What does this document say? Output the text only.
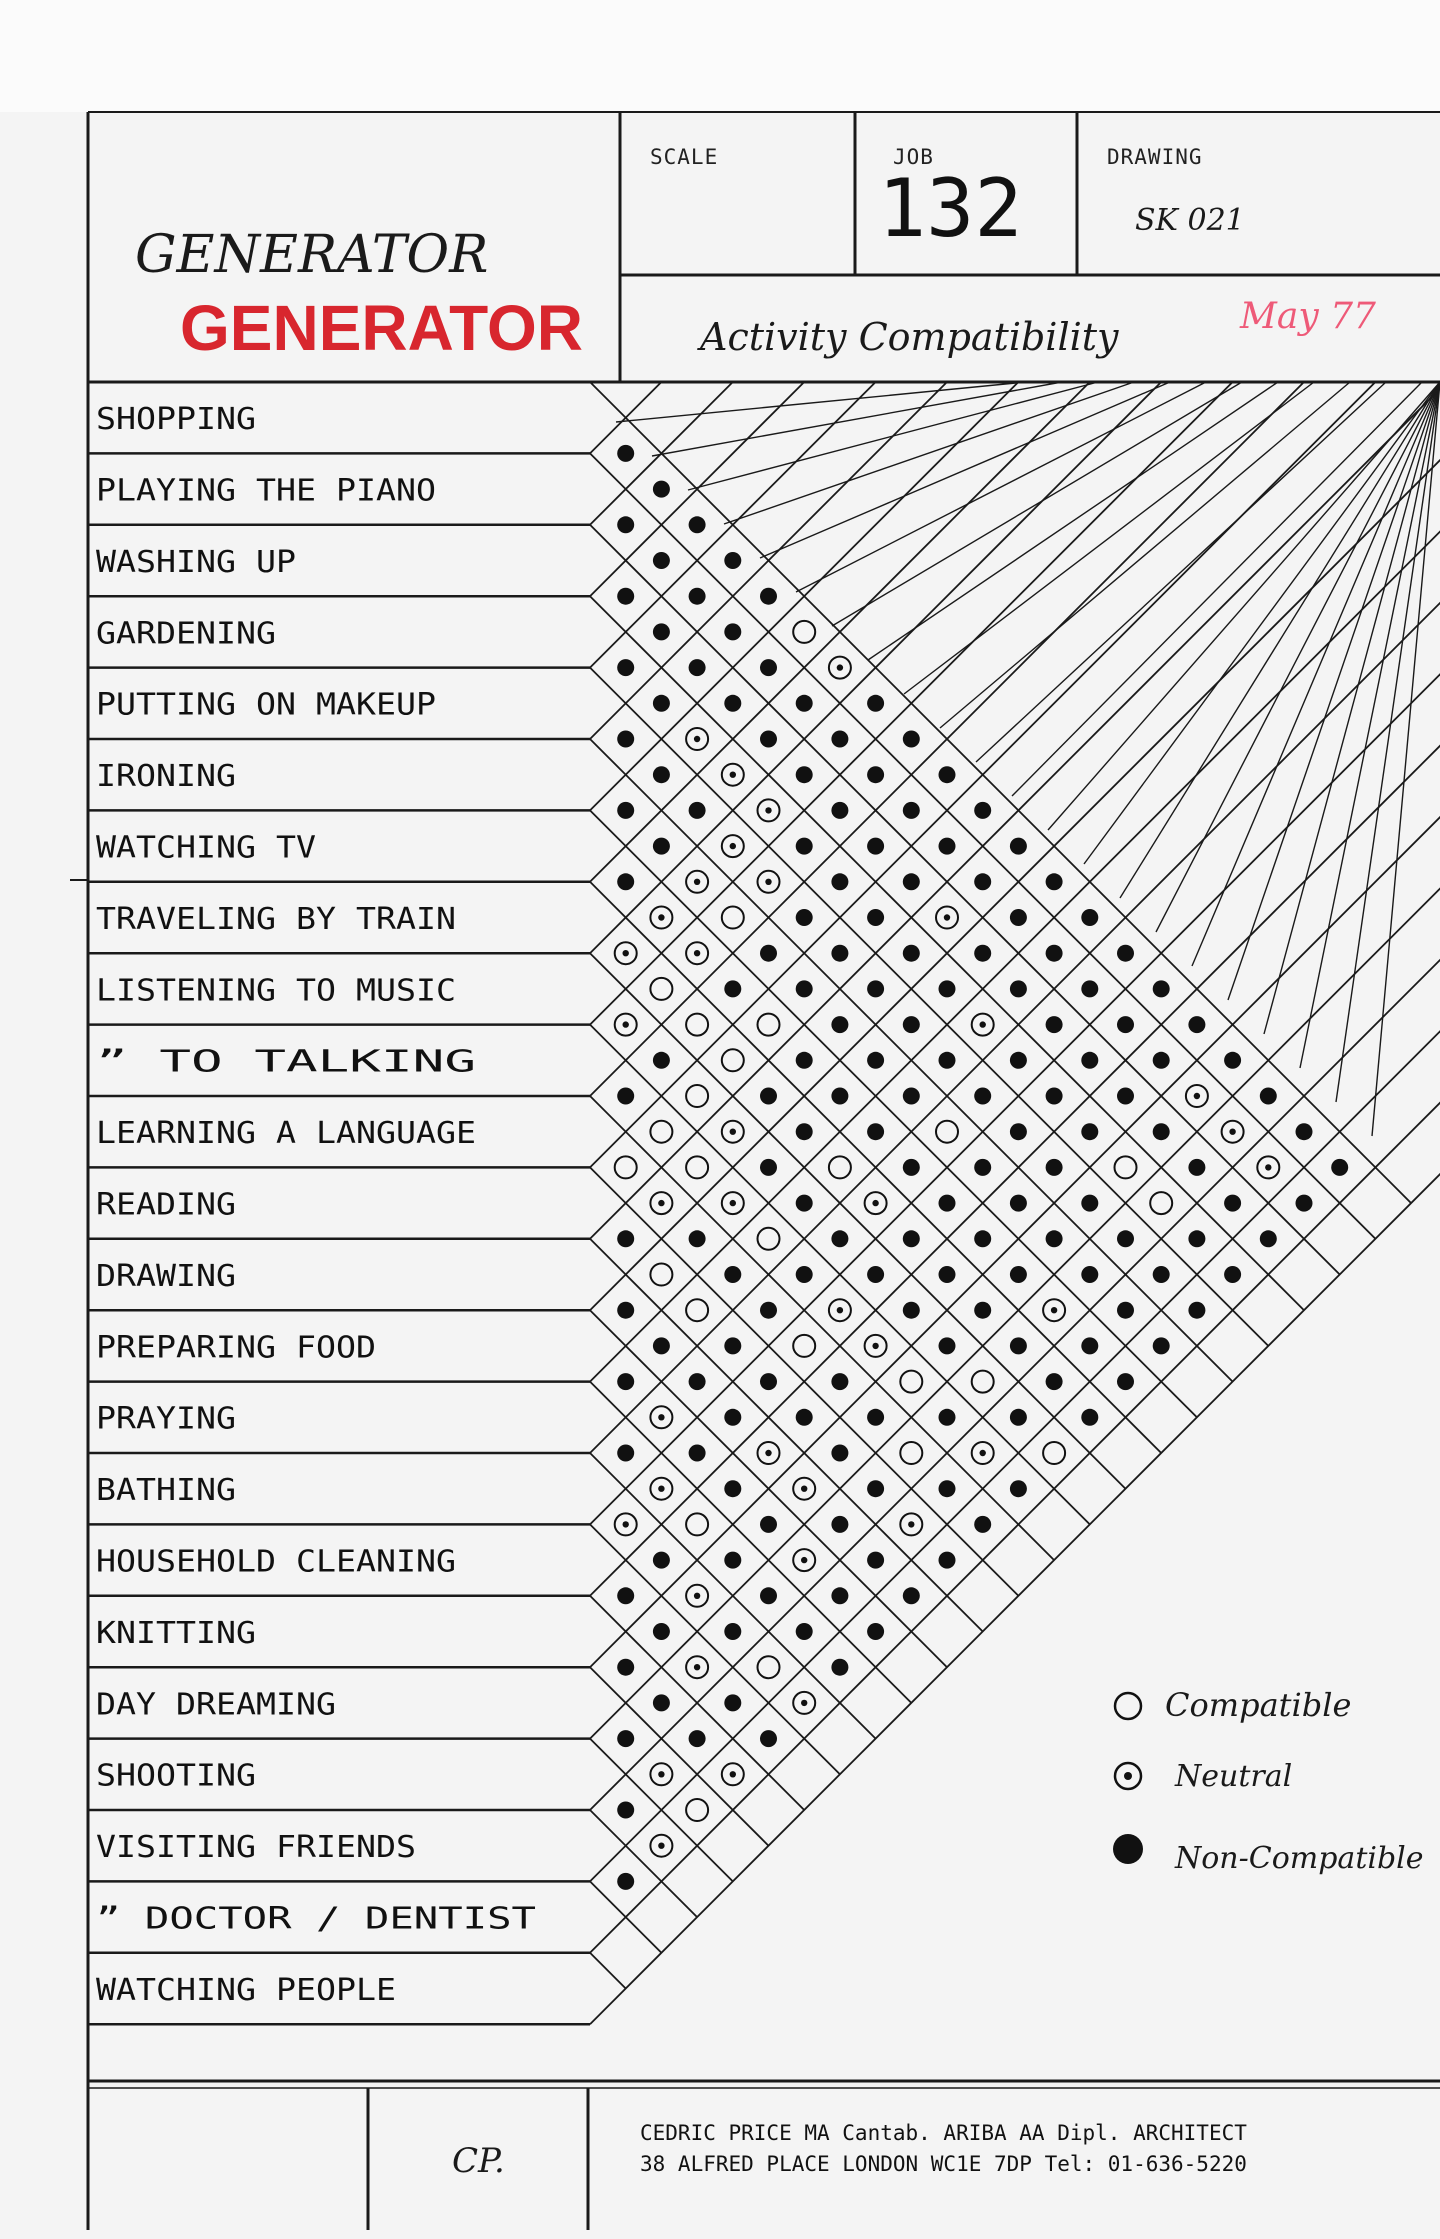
GENERATOR
GENERATOR
SCALE	JOB
132
DRAWING
SK 021
Activity Compatibility	May 77
SHOPPING
PLAYING THE PIANO
WASHING UP
GARDENING
PUTTING ON MAKEUP
IRONING
WATCHING TV
TRAVELING BY TRAIN
LISTENING TO MUSIC
” TO TALKING
LEARNING A LANGUAGE
READING
DRAWING
PREPARING FOOD
PRAYING
BATHING
HOUSEHOLD CLEANING
KNITTING
DAY DREAMING
SHOOTING
VISITING FRIENDS
” DOCTOR / DENTIST
WATCHING PEOPLE
Compatible
Neutral
Non-Compatible
CP.
CEDRIC PRICE MA Cantab. ARIBA AA Dipl. ARCHITECT
38 ALFRED PLACE LONDON WC1E 7DP Tel: 01-636-5220
